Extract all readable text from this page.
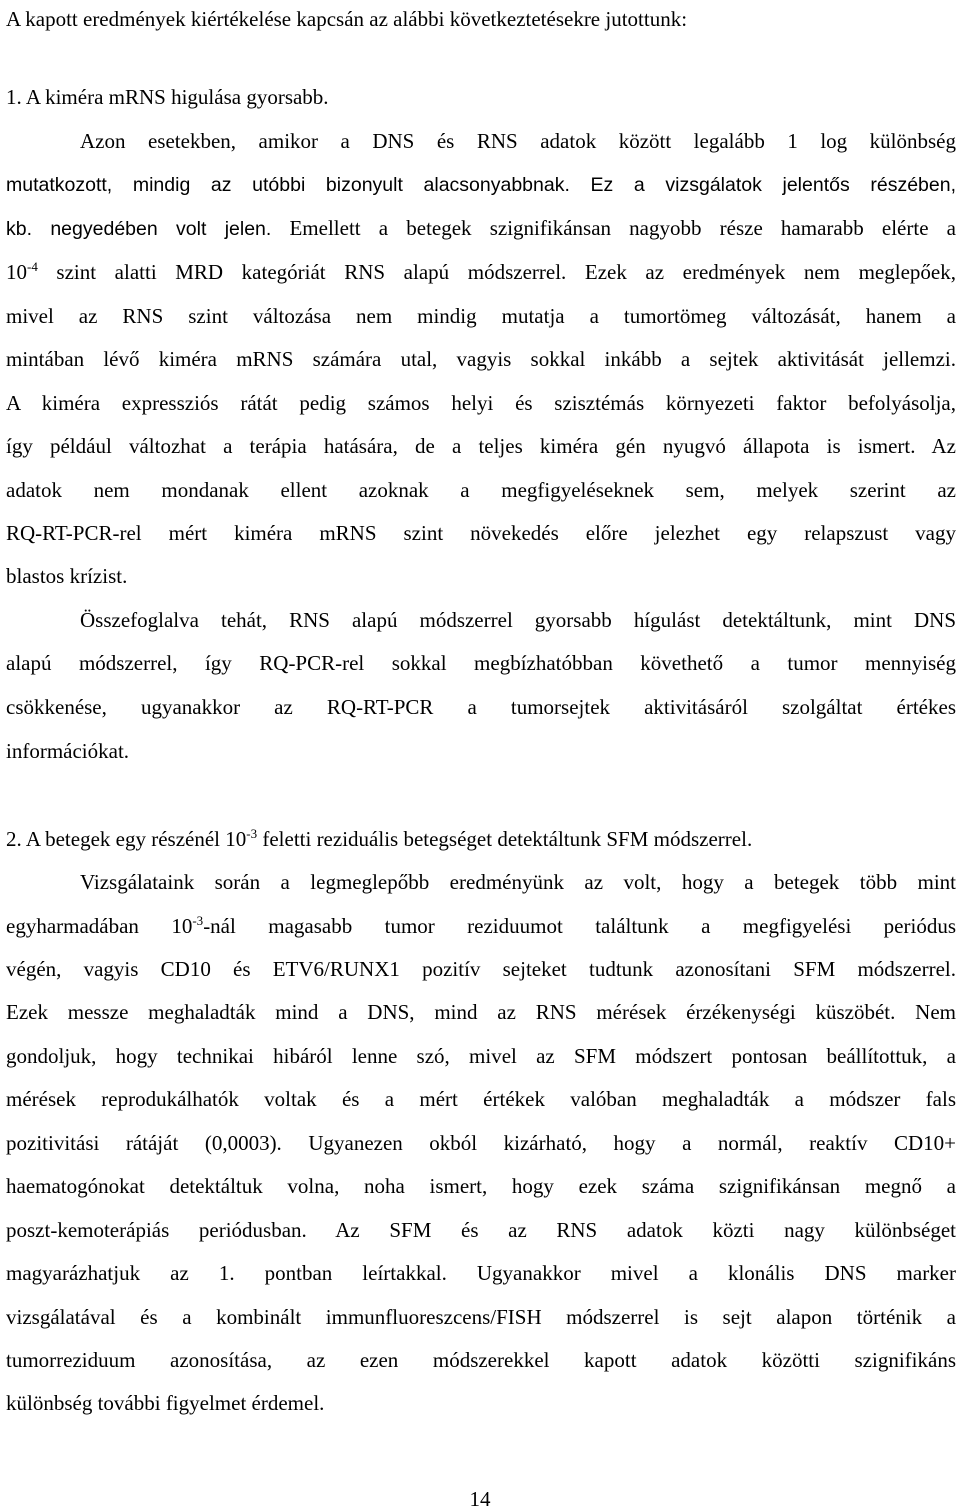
A kapott eredmények kiértékelése kapcsán az alábbi következtetésekre jutottunk:
1. A kiméra mRNS higulása gyorsabb.
Azon esetekben, amikor a DNS és RNS adatok között legalább 1 log különbség
mutatkozott, mindig az utóbbi bizonyult alacsonyabbnak. Ez a vizsgálatok jelentős részében,
kb. negyedében volt jelen. Emellett a betegek szignifikánsan nagyobb része hamarabb elérte a
$10^{-4}$ szint alatti MRD kategóriát RNS alapú módszerrel. Ezek az eredmények nem meglepőek,
mivel az RNS szint változása nem mindig mutatja a tumortömeg változását, hanem a
mintában lévő kiméra mRNS számára utal, vagyis sokkal inkább a sejtek aktivitását jellemzi.
A kiméra expressziós rátát pedig számos helyi és szisztémás környezeti faktor befolyásolja,
így például változhat a terápia hatására, de a teljes kiméra gén nyugvó állapota is ismert. Az
adatok nem mondanak ellent azoknak a megfigyeléseknek sem, melyek szerint az
RQ-RT-PCR-rel mért kiméra mRNS szint növekedés előre jelezhet egy relapszust vagy
blastos krízist.
Összefoglalva tehát, RNS alapú módszerrel gyorsabb hígulást detektáltunk, mint DNS
alapú módszerrel, így RQ-PCR-rel sokkal megbízhatóbban követhető a tumor mennyiség
csökkenése, ugyanakkor az RQ-RT-PCR a tumorsejtek aktivitásáról szolgáltat értékes
információkat.
2. A betegek egy részénél $10^{-3}$ feletti reziduális betegséget detektáltunk SFM módszerrel.
Vizsgálataink során a legmeglepőbb eredményünk az volt, hogy a betegek több mint
egyharmadában $10^{-3}$-nál magasabb tumor reziduumot találtunk a megfigyelési periódus
végén, vagyis CD10 és ETV6/RUNX1 pozitív sejteket tudtunk azonosítani SFM módszerrel.
Ezek messze meghaladták mind a DNS, mind az RNS mérések érzékenységi küszöbét. Nem
gondoljuk, hogy technikai hibáról lenne szó, mivel az SFM módszert pontosan beállítottuk, a
mérések reprodukálhatók voltak és a mért értékek valóban meghaladták a módszer fals
pozitivitási rátáját (0,0003). Ugyanezen okból kizárható, hogy a normál, reaktív CD10+
haematogónokat detektáltuk volna, noha ismert, hogy ezek száma szignifikánsan megnő a
poszt-kemoterápiás periódusban. Az SFM és az RNS adatok közti nagy különbséget
magyarázhatjuk az 1. pontban leírtakkal. Ugyanakkor mivel a klonális DNS marker
vizsgálatával és a kombinált immunfluoreszcens/FISH módszerrel is sejt alapon történik a
tumorreziduum azonosítása, az ezen módszerekkel kapott adatok közötti szignifikáns
különbség további figyelmet érdemel.
14
